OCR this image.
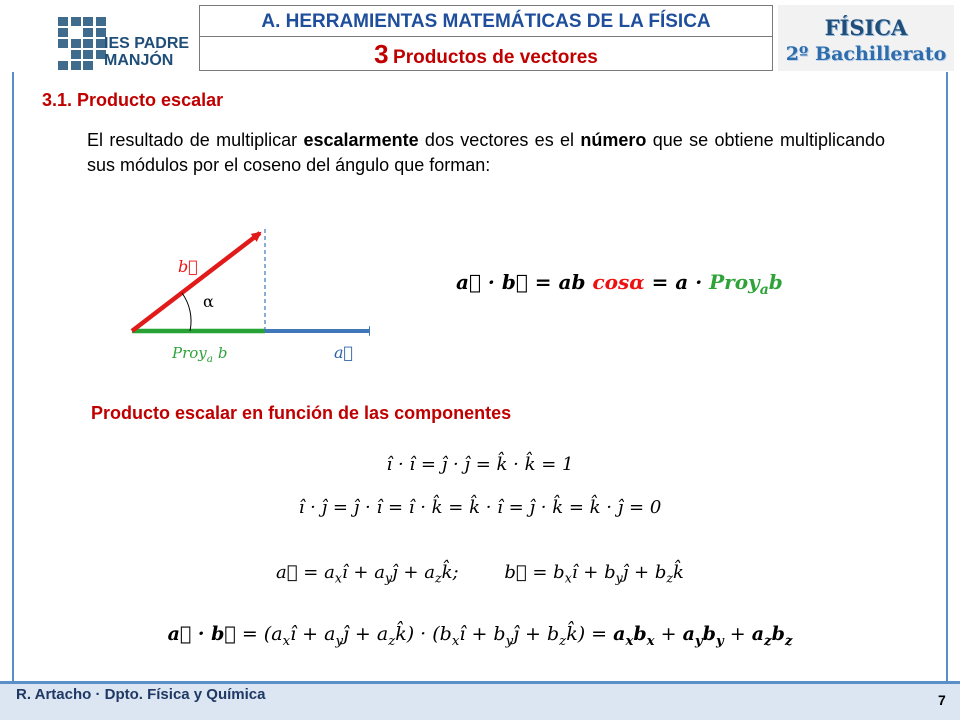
IES PADRE
MANJÓN
A. HERRAMIENTAS MATEMÁTICAS DE LA FÍSICA
3 Productos de vectores
FÍSICA
2º Bachillerato
3.1. Producto escalar
El resultado de multiplicar escalarmente dos vectores es el número que se obtiene multiplicando sus módulos por el coseno del ángulo que forman:
b⃗
α
Proy$_a$ b	a⃗
a⃗ · b⃗ = ab cosα = a · Proy$_a$b
Producto escalar en función de las componentes
ı̂ · ı̂ = ȷ̂ · ȷ̂ = k̂ · k̂ = 1
ı̂ · ȷ̂ = ȷ̂ · ı̂ = ı̂ · k̂ = k̂ · ı̂ = ȷ̂ · k̂ = k̂ · ȷ̂ = 0
a⃗ = $a_xı̂$ + $a_yȷ̂$ + $a_zk̂$;        b⃗ = $b_xı̂$ + $b_yȷ̂$ + $b_zk̂$
a⃗ · b⃗ = ($a_xı̂$ + $a_yȷ̂$ + $a_zk̂$) · ($b_xı̂$ + $b_yȷ̂$ + $b_zk̂) = a_xb_x + a_yb_y + a_zb_z$
R. Artacho · Dpto. Física y Química	7
